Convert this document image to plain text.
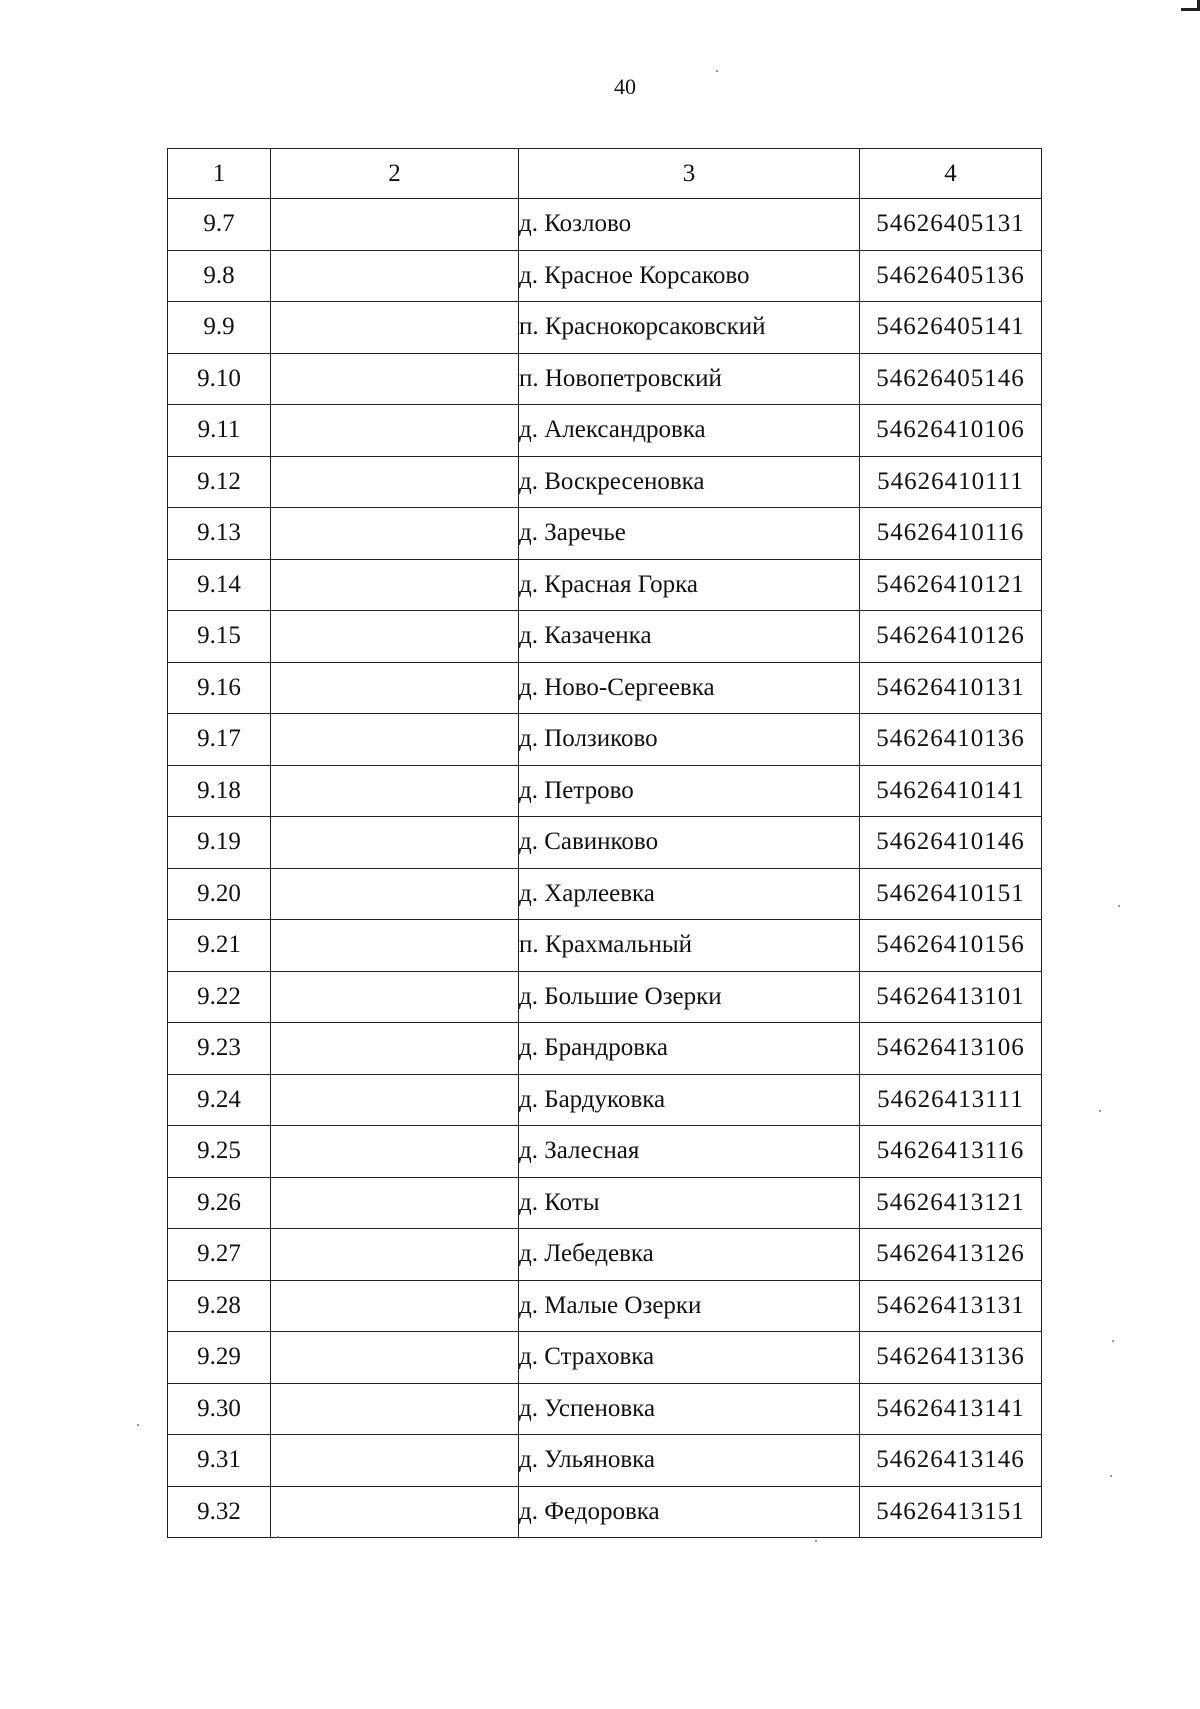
40
1	2	3	4
9.7		д. Козлово	54626405131
9.8		д. Красное Корсаково	54626405136
9.9		п. Краснокорсаковский	54626405141
9.10		п. Новопетровский	54626405146
9.11		д. Александровка	54626410106
9.12		д. Воскресеновка	54626410111
9.13		д. Заречье	54626410116
9.14		д. Красная Горка	54626410121
9.15		д. Казаченка	54626410126
9.16		д. Ново-Сергеевка	54626410131
9.17		д. Ползиково	54626410136
9.18		д. Петрово	54626410141
9.19		д. Савинково	54626410146
9.20		д. Харлеевка	54626410151
9.21		п. Крахмальный	54626410156
9.22		д. Большие Озерки	54626413101
9.23		д. Брандровка	54626413106
9.24		д. Бардуковка	54626413111
9.25		д. Залесная	54626413116
9.26		д. Коты	54626413121
9.27		д. Лебедевка	54626413126
9.28		д. Малые Озерки	54626413131
9.29		д. Страховка	54626413136
9.30		д. Успеновка	54626413141
9.31		д. Ульяновка	54626413146
9.32		д. Федоровка	54626413151
